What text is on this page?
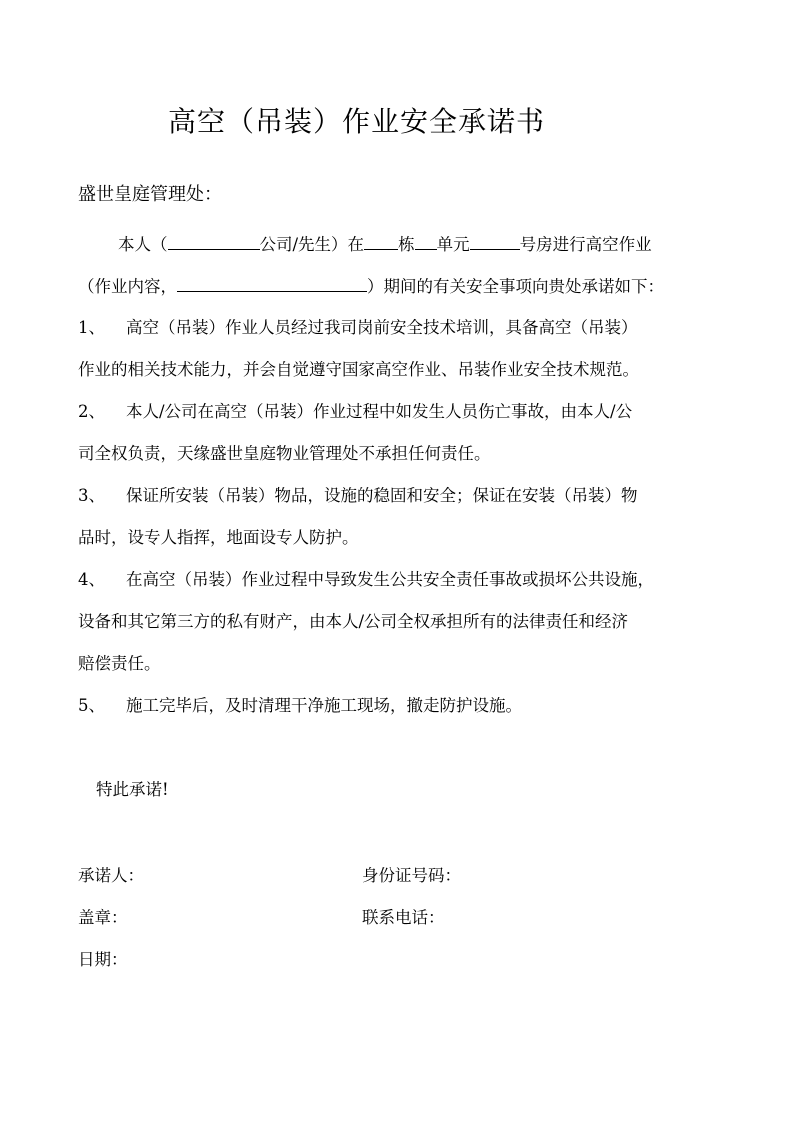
高空（吊装）作业安全承诺书
盛世皇庭管理处：
本人（	公司/先生）在 栋 单元	号房进行高空作业
（作业内容，	）期间的有关安全事项向贵处承诺如下：
1、 高空（吊装）作业人员经过我司岗前安全技术培训，具备高空（吊装）
作业的相关技术能力，并会自觉遵守国家高空作业、吊装作业安全技术规范。
2、 本人/公司在高空（吊装）作业过程中如发生人员伤亡事故，由本人/公
司全权负责，天缘盛世皇庭物业管理处不承担任何责任。
3、 保证所安装（吊装）物品，设施的稳固和安全；保证在安装（吊装）物
品时，设专人指挥，地面设专人防护。
4、 在高空（吊装）作业过程中导致发生公共安全责任事故或损坏公共设施，
设备和其它第三方的私有财产，由本人/公司全权承担所有的法律责任和经济
赔偿责任。
5、 施工完毕后，及时清理干净施工现场，撤走防护设施。
特此承诺!
承诺人：	身份证号码：
盖章：	联系电话：
日期：
